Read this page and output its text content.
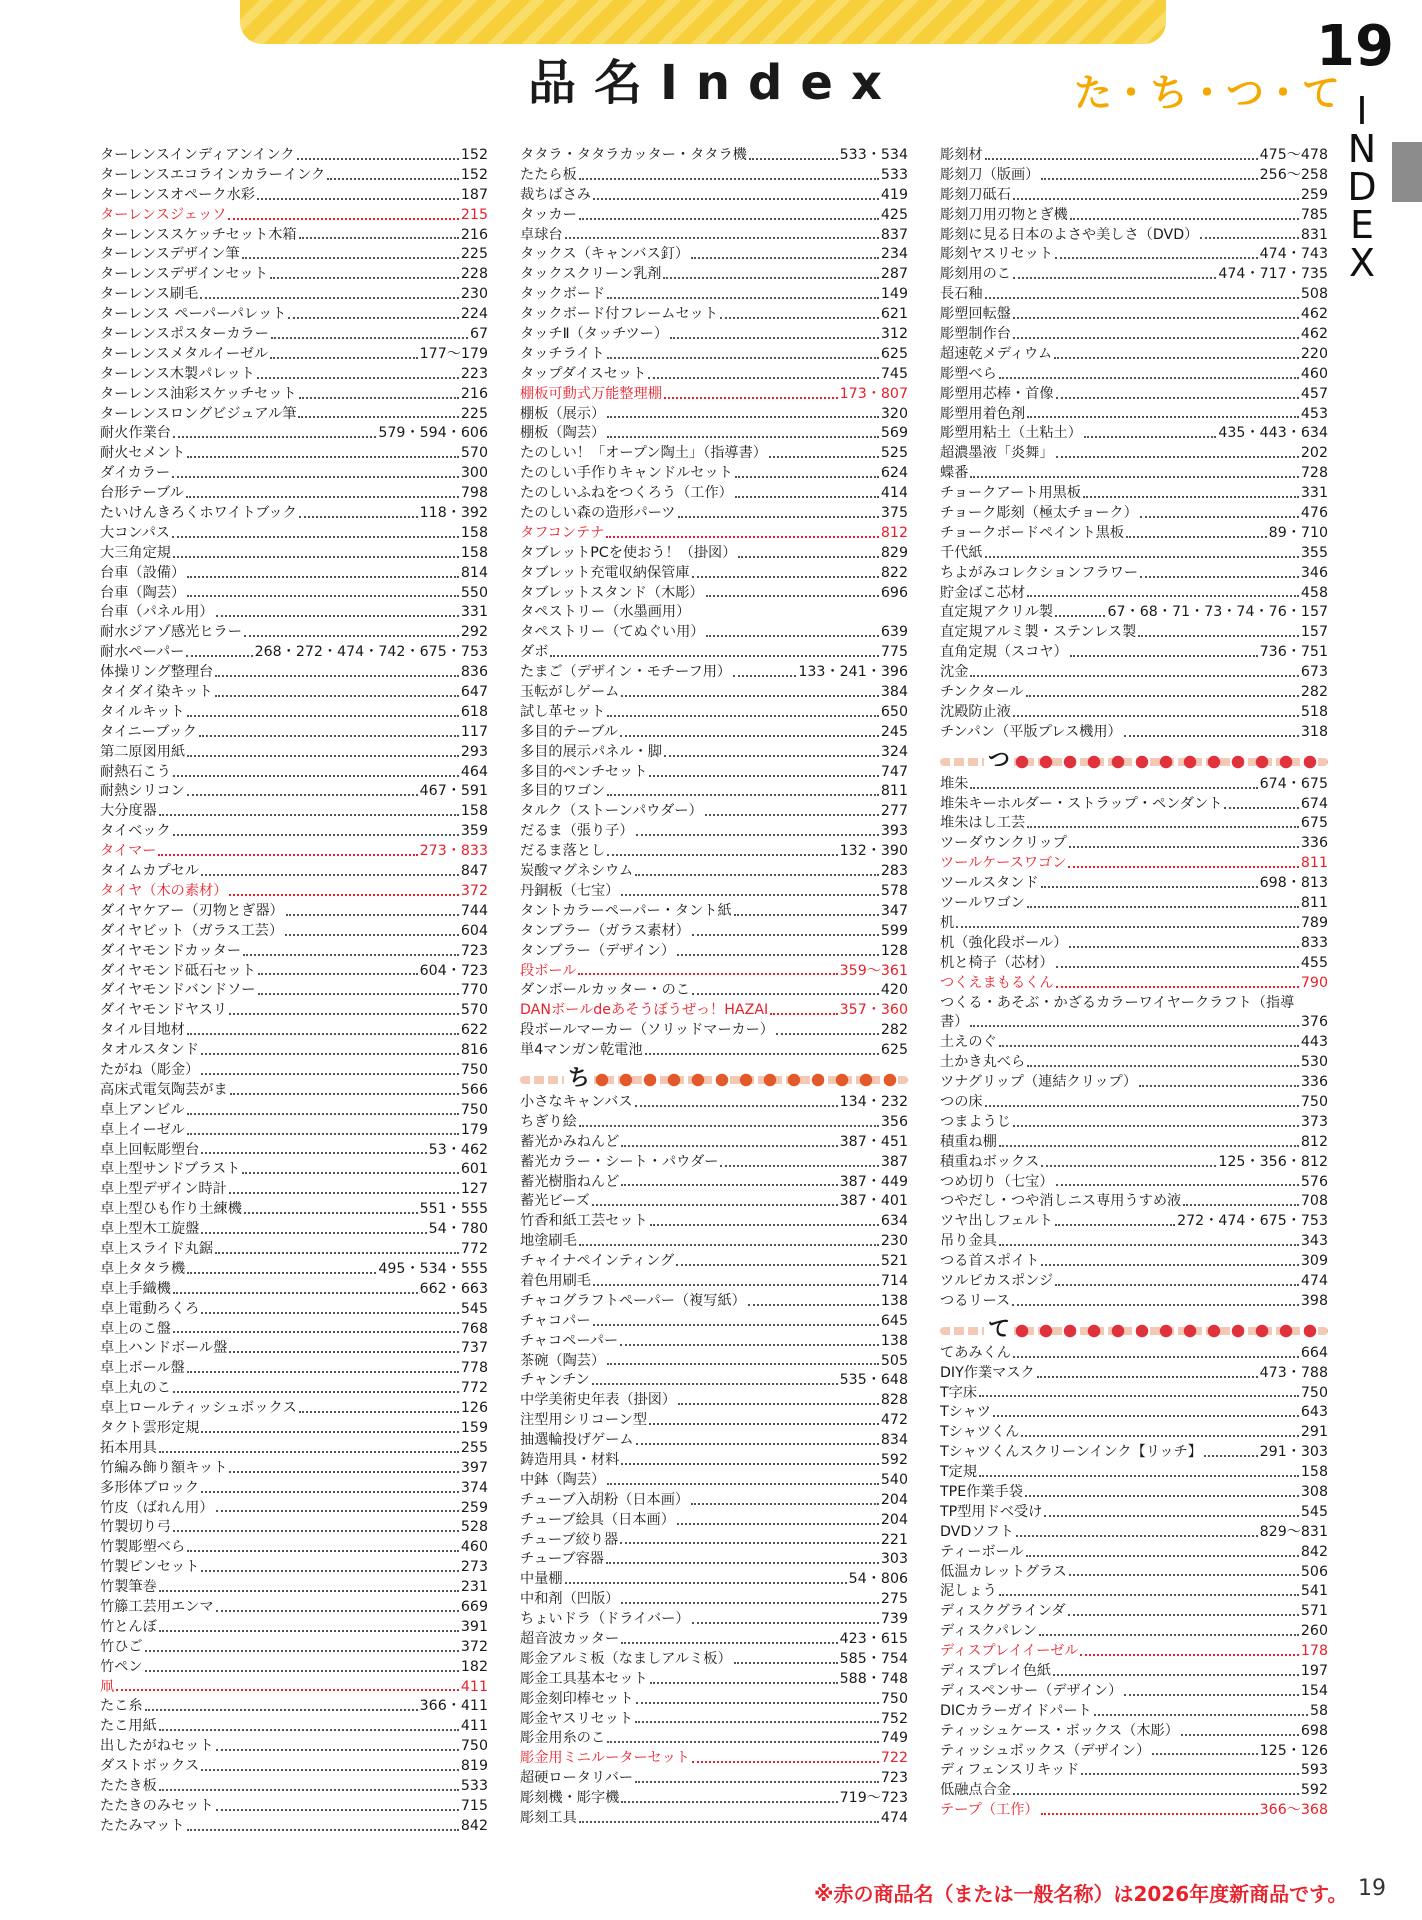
品名Index	た・ち・つ・て
19
I
N
D
E
X
ターレンスインディアンインク	152
ターレンスエコラインカラーインク	152
ターレンスオペーク水彩	187
ターレンスジェッソ	215
ターレンススケッチセット木箱	216
ターレンスデザイン筆	225
ターレンスデザインセット	228
ターレンス刷毛	230
ターレンス ペーパーパレット	224
ターレンスポスターカラー	67
ターレンスメタルイーゼル	177～179
ターレンス木製パレット	223
ターレンス油彩スケッチセット	216
ターレンスロングビジュアル筆	225
耐火作業台	579・594・606
耐火セメント	570
ダイカラー	300
台形テーブル	798
たいけんきろくホワイトブック	118・392
大コンパス	158
大三角定規	158
台車（設備）	814
台車（陶芸）	550
台車（パネル用）	331
耐水ジアゾ感光ヒラー	292
耐水ペーパー	268・272・474・742・675・753
体操リング整理台	836
タイダイ染キット	647
タイルキット	618
タイニーブック	117
第二原図用紙	293
耐熱石こう	464
耐熱シリコン	467・591
大分度器	158
タイベック	359
タイマー	273・833
タイムカプセル	847
タイヤ（木の素材）	372
ダイヤケアー（刃物とぎ器）	744
ダイヤビット（ガラス工芸）	604
ダイヤモンドカッター	723
ダイヤモンド砥石セット	604・723
ダイヤモンドバンドソー	770
ダイヤモンドヤスリ	570
タイル目地材	622
タオルスタンド	816
たがね（彫金）	750
高床式電気陶芸がま	566
卓上アンビル	750
卓上イーゼル	179
卓上回転彫塑台	53・462
卓上型サンドブラスト	601
卓上型デザイン時計	127
卓上型ひも作り土練機	551・555
卓上型木工旋盤	54・780
卓上スライド丸鋸	772
卓上タタラ機	495・534・555
卓上手織機	662・663
卓上電動ろくろ	545
卓上のこ盤	768
卓上ハンドボール盤	737
卓上ボール盤	778
卓上丸のこ	772
卓上ロールティッシュボックス	126
タクト雲形定規	159
拓本用具	255
竹編み飾り額キット	397
多形体ブロック	374
竹皮（ばれん用）	259
竹製切り弓	528
竹製彫塑べら	460
竹製ピンセット	273
竹製筆巻	231
竹籐工芸用エンマ	669
竹とんぼ	391
竹ひご	372
竹ペン	182
凧	411
たこ糸	366・411
たこ用紙	411
出したがねセット	750
ダストボックス	819
たたき板	533
たたきのみセット	715
たたみマット	842
タタラ・タタラカッター・タタラ機	533・534
たたら板	533
裁ちばさみ	419
タッカー	425
卓球台	837
タックス（キャンバス釘）	234
タックスクリーン乳剤	287
タックボード	149
タックボード付フレームセット	621
タッチⅡ（タッチツー）	312
タッチライト	625
タップダイスセット	745
棚板可動式万能整理棚	173・807
棚板（展示）	320
棚板（陶芸）	569
たのしい！「オープン陶土」（指導書）	525
たのしい手作りキャンドルセット	624
たのしいふねをつくろう（工作）	414
たのしい森の造形パーツ	375
タフコンテナ	812
タブレットPCを使おう！（掛図）	829
タブレット充電収納保管庫	822
タブレットスタンド（木彫）	696
タペストリー（水墨画用）
タペストリー（てぬぐい用）	639
ダボ	775
たまご（デザイン・モチーフ用）	133・241・396
玉転がしゲーム	384
試し革セット	650
多目的テーブル	245
多目的展示パネル・脚	324
多目的ペンチセット	747
多目的ワゴン	811
タルク（ストーンパウダー）	277
だるま（張り子）	393
だるま落とし	132・390
炭酸マグネシウム	283
丹銅板（七宝）	578
タントカラーペーパー・タント紙	347
タンブラー（ガラス素材）	599
タンブラー（デザイン）	128
段ボール	359～361
ダンボールカッター・のこ	420
DANボールdeあそうぼうぜっ！HAZAI	357・360
段ボールマーカー（ソリッドマーカー）	282
単4マンガン乾電池	625
ち
小さなキャンバス	134・232
ちぎり絵	356
蓄光かみねんど	387・451
蓄光カラー・シート・パウダー	387
蓄光樹脂ねんど	387・449
蓄光ビーズ	387・401
竹香和紙工芸セット	634
地塗刷毛	230
チャイナペインティング	521
着色用刷毛	714
チャコグラフトペーパー（複写紙）	138
チャコパー	645
チャコペーパー	138
茶碗（陶芸）	505
チャンチン	535・648
中学美術史年表（掛図）	828
注型用シリコーン型	472
抽選輪投げゲーム	834
鋳造用具・材料	592
中鉢（陶芸）	540
チューブ入胡粉（日本画）	204
チューブ絵具（日本画）	204
チューブ絞り器	221
チューブ容器	303
中量棚	54・806
中和剤（凹版）	275
ちょいドラ（ドライバー）	739
超音波カッター	423・615
彫金アルミ板（なましアルミ板）	585・754
彫金工具基本セット	588・748
彫金刻印棒セット	750
彫金ヤスリセット	752
彫金用糸のこ	749
彫金用ミニルーターセット	722
超硬ロータリバー	723
彫刻機・彫字機	719～723
彫刻工具	474
彫刻材	475～478
彫刻刀（版画）	256～258
彫刻刀砥石	259
彫刻刀用刃物とぎ機	785
彫刻に見る日本のよさや美しさ（DVD）	831
彫刻ヤスリセット	474・743
彫刻用のこ	474・717・735
長石釉	508
彫塑回転盤	462
彫塑制作台	462
超速乾メディウム	220
彫塑べら	460
彫塑用芯棒・首像	457
彫塑用着色剤	453
彫塑用粘土（土粘土）	435・443・634
超濃墨液「炎舞」	202
蝶番	728
チョークアート用黒板	331
チョーク彫刻（極太チョーク）	476
チョークボードペイント黒板	89・710
千代紙	355
ちよがみコレクションフラワー	346
貯金ばこ芯材	458
直定規アクリル製	67・68・71・73・74・76・157
直定規アルミ製・ステンレス製	157
直角定規（スコヤ）	736・751
沈金	673
チンクタール	282
沈殿防止液	518
チンパン（平版プレス機用）	318
つ
堆朱	674・675
堆朱キーホルダー・ストラップ・ペンダント	674
堆朱はし工芸	675
ツーダウンクリップ	336
ツールケースワゴン	811
ツールスタンド	698・813
ツールワゴン	811
机	789
机（強化段ボール）	833
机と椅子（芯材）	455
つくえまもるくん	790
つくる・あそぶ・かざるカラーワイヤークラフト（指導
書）	376
土えのぐ	443
土かき丸べら	530
ツナグリップ（連結クリップ）	336
つの床	750
つまようじ	373
積重ね棚	812
積重ねボックス	125・356・812
つめ切り（七宝）	576
つやだし・つや消しニス専用うすめ液	708
ツヤ出しフェルト	272・474・675・753
吊り金具	343
つる首スポイト	309
ツルピカスポンジ	474
つるリース	398
て
てあみくん	664
DIY作業マスク	473・788
T字床	750
Tシャツ	643
Tシャツくん	291
Tシャツくんスクリーンインク【リッチ】	291・303
T定規	158
TPE作業手袋	308
TP型用ドベ受け	545
DVDソフト	829～831
ティーボール	842
低温カレットグラス	506
泥しょう	541
ディスクグラインダ	571
ディスクパレン	260
ディスプレイイーゼル	178
ディスプレイ色紙	197
ディスペンサー（デザイン）	154
DICカラーガイドパート	58
ティッシュケース・ボックス（木彫）	698
ティッシュボックス（デザイン）	125・126
ディフェンスリキッド	593
低融点合金	592
テープ（工作）	366～368

※赤の商品名（または一般名称）は2026年度新商品です。 19
